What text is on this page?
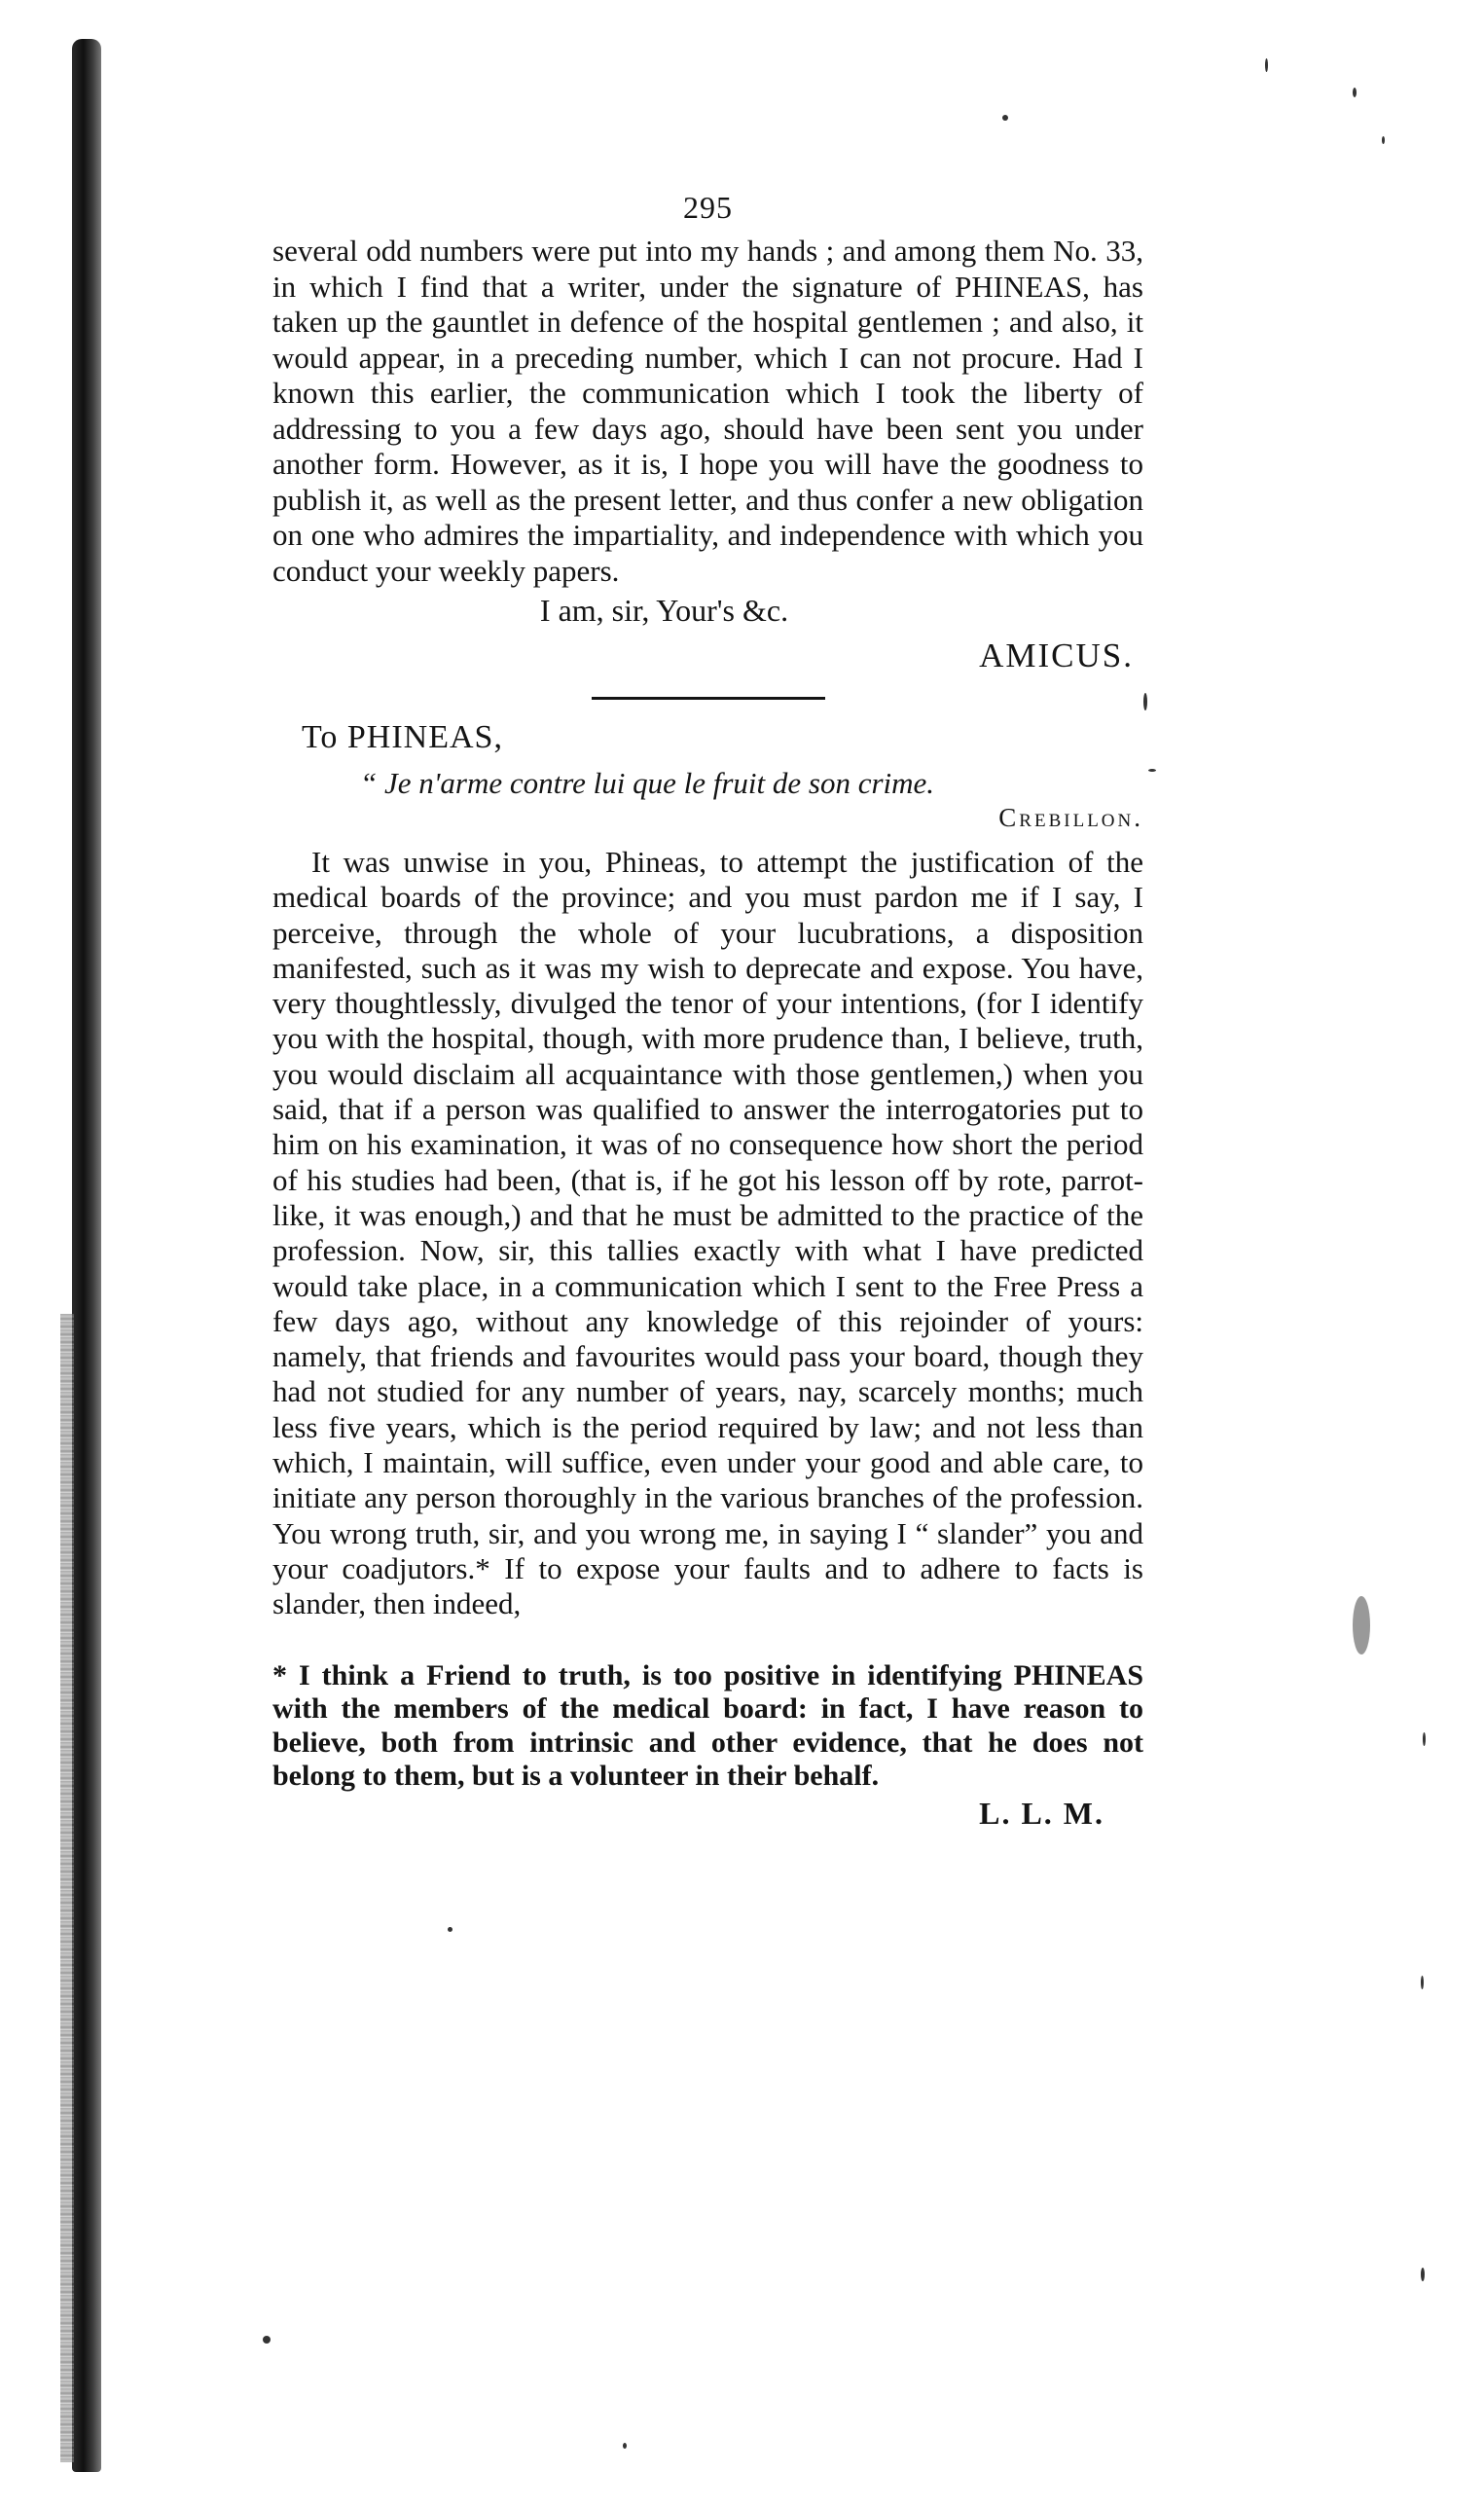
295

several odd numbers were put into my hands ; and among them No. 33, in which I find that a writer, under the signature of PHINEAS, has taken up the gauntlet in defence of the hospital gentlemen ; and also, it would appear, in a preceding number, which I can not procure. Had I known this earlier, the communication which I took the liberty of addressing to you a few days ago, should have been sent you under another form. However, as it is, I hope you will have the goodness to publish it, as well as the present letter, and thus confer a new obligation on one who admires the impartiality, and independence with which you conduct your weekly papers.

I am, sir, Your's &c.
AMICUS.
To PHINEAS,
“ Je n'arme contre lui que le fruit de son crime.
Crebillon.

It was unwise in you, Phineas, to attempt the justification of the medical boards of the province; and you must pardon me if I say, I perceive, through the whole of your lucubrations, a disposition manifested, such as it was my wish to deprecate and expose. You have, very thoughtlessly, divulged the tenor of your intentions, (for I identify you with the hospital, though, with more prudence than, I believe, truth, you would disclaim all acquaintance with those gentlemen,) when you said, that if a person was qualified to answer the interrogatories put to him on his examination, it was of no consequence how short the period of his studies had been, (that is, if he got his lesson off by rote, parrot-like, it was enough,) and that he must be admitted to the practice of the profession. Now, sir, this tallies exactly with what I have predicted would take place, in a communication which I sent to the Free Press a few days ago, without any knowledge of this rejoinder of yours: namely, that friends and favourites would pass your board, though they had not studied for any number of years, nay, scarcely months; much less five years, which is the period required by law; and not less than which, I maintain, will suffice, even under your good and able care, to initiate any person thoroughly in the various branches of the profession. You wrong truth, sir, and you wrong me, in saying I “ slander” you and your coadjutors.* If to expose your faults and to adhere to facts is slander, then indeed,

* I think a Friend to truth, is too positive in identifying PHINEAS with the members of the medical board: in fact, I have reason to believe, both from intrinsic and other evidence, that he does not belong to them, but is a volunteer in their behalf.

L. L. M.
